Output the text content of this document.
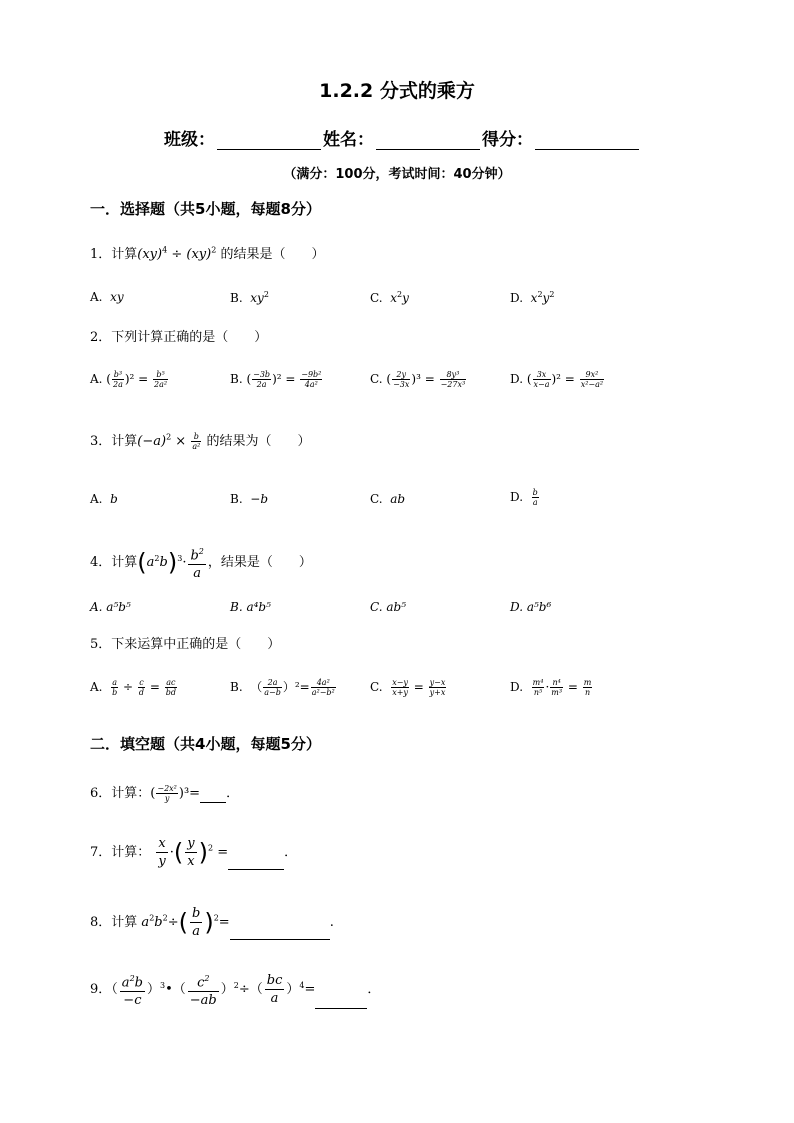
1.2.2 分式的乘方
班级：	姓名：	得分：
（满分：100分，考试时间：40分钟）
一．选择题（共5小题，每题8分）
1．计算(xy)$^4$ ÷ (xy)$^2$ 的结果是（　　）
A. xy	B. $xy^2$	C. $x^2y$	D. $x^2y^2$
2．下列计算正确的是（　　）
A. ( $\frac{\text{b³}}{2a} )^2 = \frac{\text{b⁵}}{\text{2a²}}$	B. ( $\frac{-3b}{2a} )^2 = \frac{\text{−9b²}}{\text{4a²}}$	C. ( $\frac{2y}{-3x} )^3 = \frac{\text{8y³}}{\text{−27x³}}$	D. ( $\frac{3x}{x-a} )^2 = \frac{\text{9x²}}{\text{x²−a²}}$
3．计算$(-a)^2 \times \frac{b}{\text{a²}}$ 的结果为（　　）
A.  b	B.  −b	C.  ab	D. $\frac{b}{a}$
4．计算$(a^2b)^3\cdot \frac{b^2}{a}$ ，结果是（　　）
A. a⁵b⁵	B. a⁴b⁵	C. ab⁵	D. a⁵b⁶
5．下来运算中正确的是（　　）
A. $\frac{a}{b} \div \frac{c}{d} = \frac{ac}{bd}$	B.  （ $\frac{2a}{a-b} )^2= \frac{\text{4a²}}{\text{a²−b²}}$	C. $\frac{x-y}{x+y} = \frac{y-x}{y+x}$	D. $\frac{\text{m⁴}}{\text{n⁵}} \cdot \frac{\text{n⁴}}{\text{m³}} = \frac{m}{n}$
二．填空题（共4小题，每题5分）
6．计算：( $\frac{\text{−2x²}}{y} )^3=$ ．
7．计算： $\frac{x}{y}$ ·( $\frac{y}{x} )^2$ =	．
8．计算 $a^2b^2\div( \frac{b}{a} )^2=$	.
9．（ $\frac{a^2b}{-c}$ ）$^3$•（ $\frac{c^2}{-ab} )^2\div( \frac{bc}{a} )^4=$	．
